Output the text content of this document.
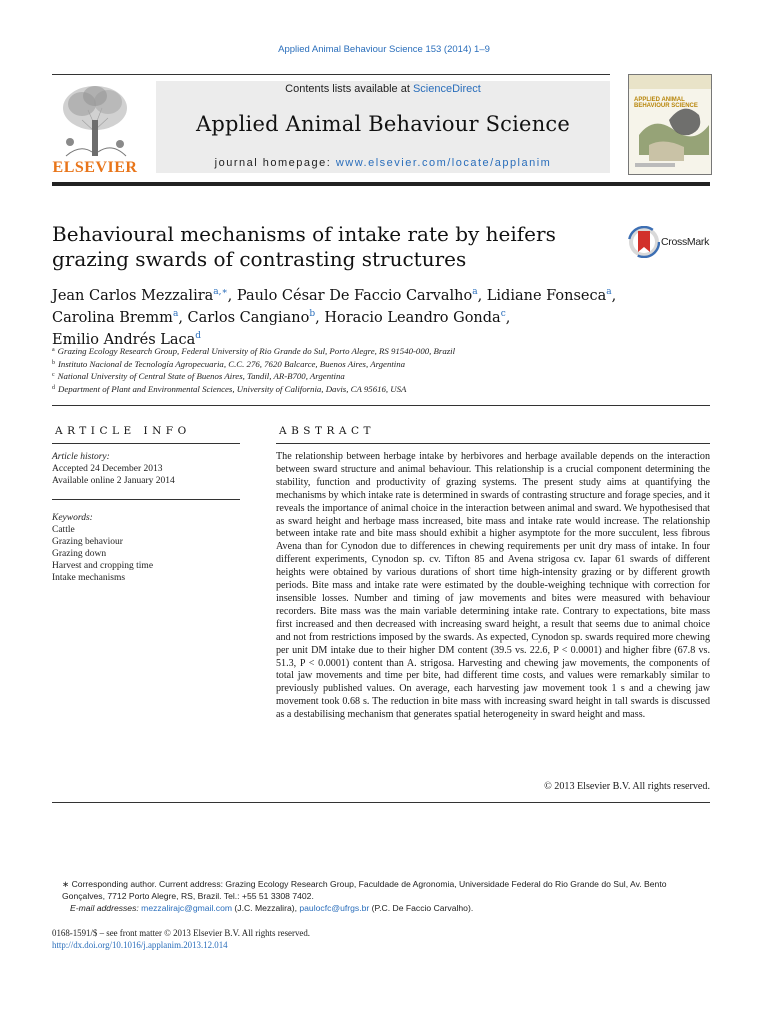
Applied Animal Behaviour Science 153 (2014) 1–9
ELSEVIER
Contents lists available at ScienceDirect
Applied Animal Behaviour Science
journal homepage: www.elsevier.com/locate/applanim
APPLIED ANIMAL BEHAVIOUR SCIENCE
Behavioural mechanisms of intake rate by heifers grazing swards of contrasting structures
CrossMark
Jean Carlos Mezzalira$^{a,∗}$, Paulo César De Faccio Carvalho$^a$, Lidiane Fonseca$^a$,
Carolina Bremm$^a$, Carlos Cangiano$^b$, Horacio Leandro Gonda$^c$,
Emilio Andrés Laca$^d$
$^a$ Grazing Ecology Research Group, Federal University of Rio Grande do Sul, Porto Alegre, RS 91540-000, Brazil
$^b$ Instituto Nacional de Tecnología Agropecuaria, C.C. 276, 7620 Balcarce, Buenos Aires, Argentina
$^c$ National University of Central State of Buenos Aires, Tandil, AR-B700, Argentina
$^d$ Department of Plant and Environmental Sciences, University of California, Davis, CA 95616, USA
ARTICLE INFO
Article history:
Accepted 24 December 2013
Available online 2 January 2014
Keywords:
Cattle
Grazing behaviour
Grazing down
Harvest and cropping time
Intake mechanisms
ABSTRACT
The relationship between herbage intake by herbivores and herbage available depends on the interaction between sward structure and animal behaviour. This relationship is a crucial component determining the stability, function and productivity of grazing systems. The present study aims at quantifying the mechanisms by which intake rate is determined in swards of contrasting structure and forage species, and it reveals the importance of animal choice in the interaction between animal and sward. We hypothesised that as sward height and herbage mass increased, bite mass and intake rate would increase. The relationship between intake rate and bite mass should exhibit a higher asymptote for the more succulent, less fibrous Avena than for Cynodon due to differences in chewing requirements per unit dry mass of intake. In four different experiments, Cynodon sp. cv. Tifton 85 and Avena strigosa cv. Iapar 61 swards of different heights were obtained by various durations of short time high-intensity grazing or by different growth periods. Bite mass and intake rate were estimated by the double-weighing technique with correction for insensible losses. Number and timing of jaw movements and bites were measured with behaviour recorders. Bite mass was the main variable determining intake rate. Contrary to expectations, bite mass first increased and then decreased with increasing sward height, a result that seems due to animal choice and not from restrictions imposed by the swards. As expected, Cynodon sp. swards required more chewing per unit DM intake due to their higher DM content (39.5 vs. 22.6, P < 0.0001) and higher fibre (67.8 vs. 51.3, P < 0.0001) content than A. strigosa. Harvesting and chewing jaw movements, the components of total jaw movements and time per bite, had different time costs, and values were remarkably similar to previously published values. On average, each harvesting jaw movement took 1 s and a chewing jaw movement took 0.68 s. The reduction in bite mass with increasing sward height in tall swards is discussed as a destabilising mechanism that generates spatial heterogeneity in sward height and mass.
© 2013 Elsevier B.V. All rights reserved.
∗ Corresponding author. Current address: Grazing Ecology Research Group, Faculdade de Agronomia, Universidade Federal do Rio Grande do Sul, Av. Bento Gonçalves, 7712 Porto Alegre, RS, Brazil. Tel.: +55 51 3308 7402.
E-mail addresses: mezzalirajc@gmail.com (J.C. Mezzalira), paulocfc@ufrgs.br (P.C. De Faccio Carvalho).
0168-1591/$ – see front matter © 2013 Elsevier B.V. All rights reserved.
http://dx.doi.org/10.1016/j.applanim.2013.12.014
